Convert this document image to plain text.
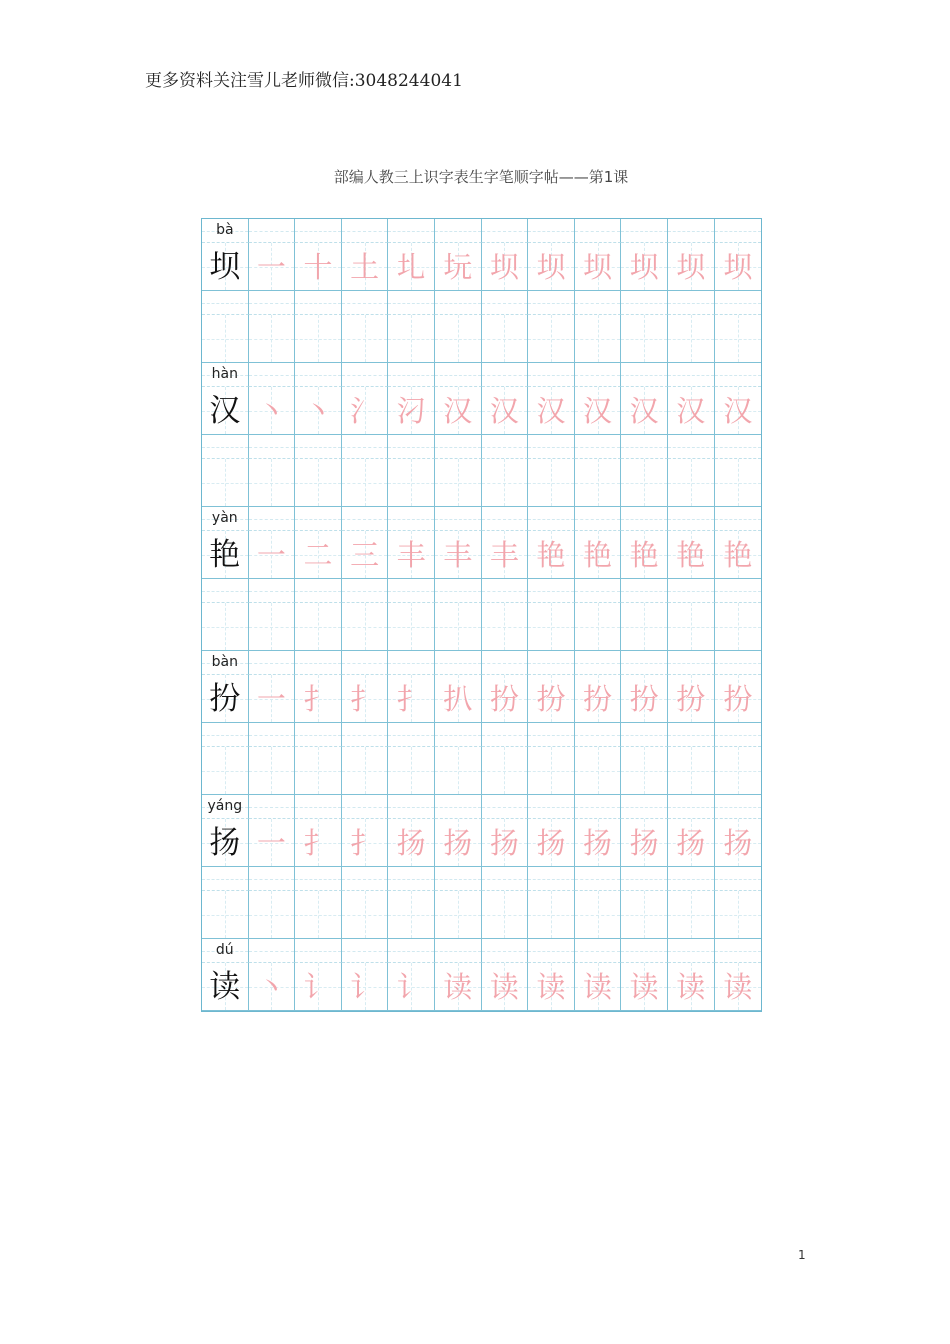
更多资料关注雪儿老师微信:3048244041
部编人教三上识字表生字笔顺字帖——第1课
bà
坝 一 十 土 圠 坃 坝 坝 坝 坝 坝 坝
hàn
汉 丶 丶 氵 汈 汉 汉 汉 汉 汉 汉 汉
yàn
艳 一 二 三 丰 丰 丰 艳 艳 艳 艳 艳
bàn
扮 一 扌 扌 扌 扒 扮 扮 扮 扮 扮 扮
yáng
扬 一 扌 扌 扬 扬 扬 扬 扬 扬 扬 扬
dú
读 丶 讠 讠 讠 读 读 读 读 读 读 读
1
